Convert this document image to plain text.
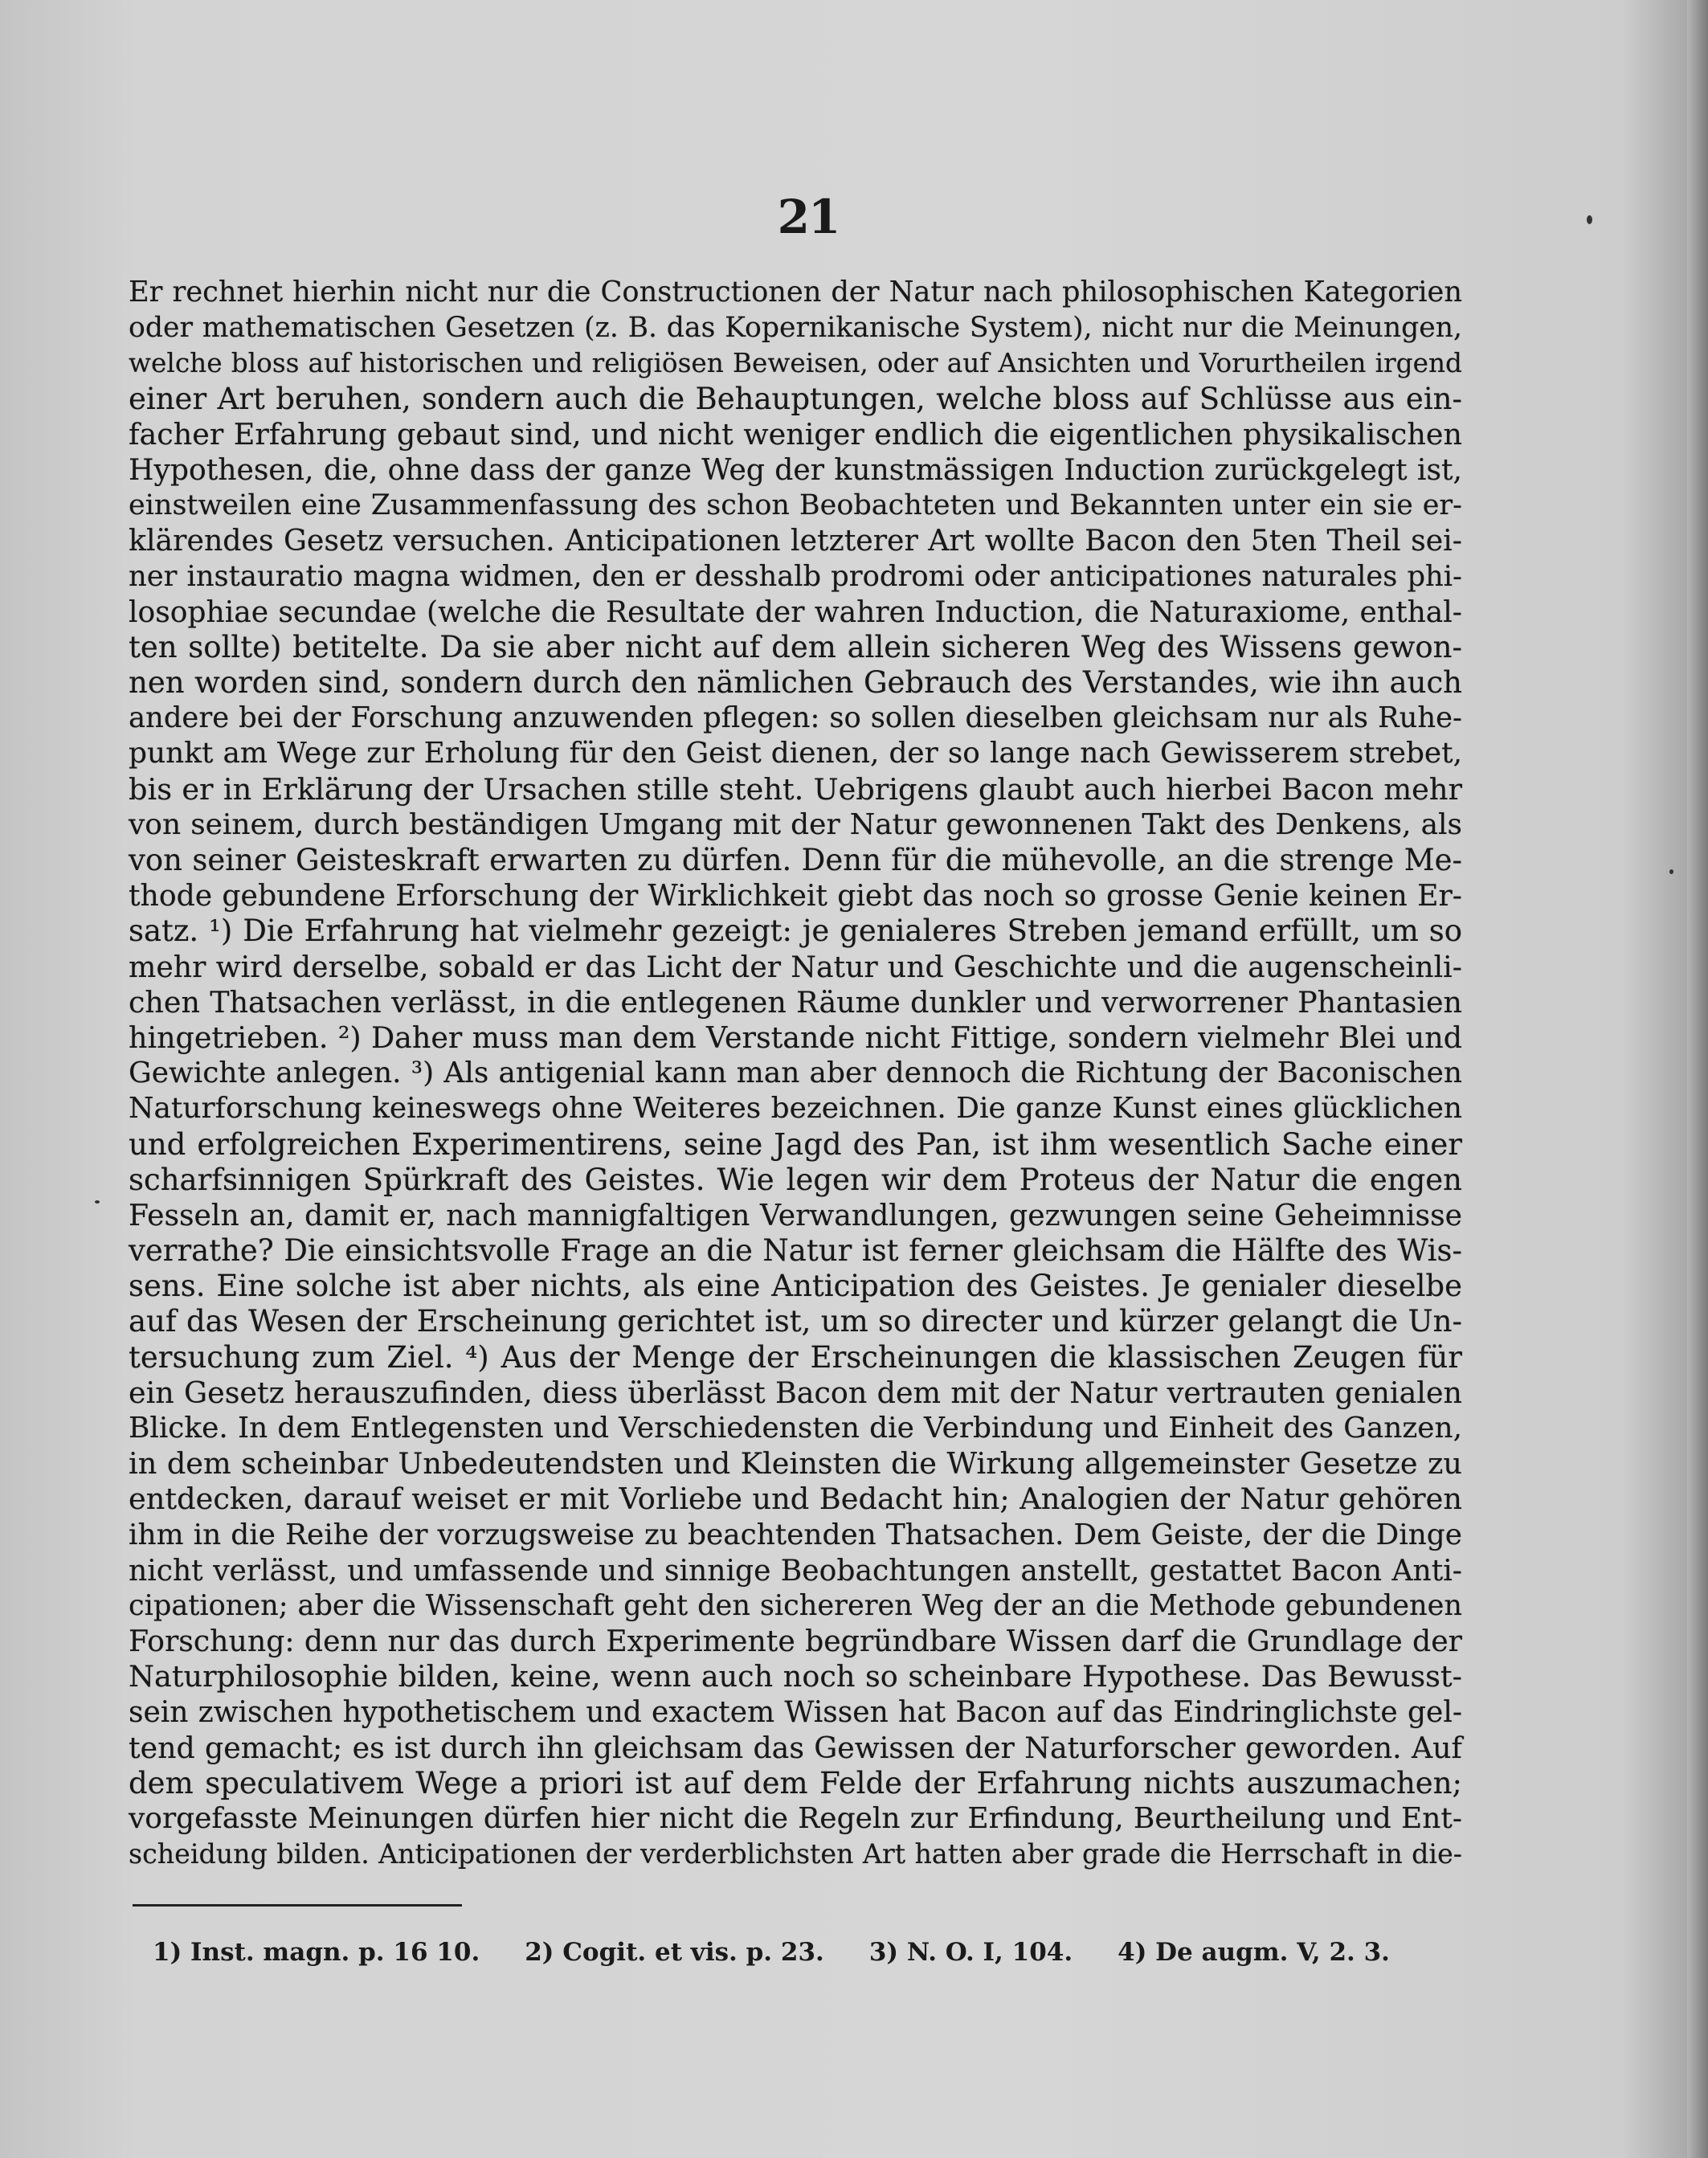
21
Er rechnet hierhin nicht nur die Constructionen der Natur nach philosophischen Kategorien
oder mathematischen Gesetzen (z. B. das Kopernikanische System), nicht nur die Meinungen,
welche bloss auf historischen und religiösen Beweisen, oder auf Ansichten und Vorurtheilen irgend
einer Art beruhen, sondern auch die Behauptungen, welche bloss auf Schlüsse aus ein-
facher Erfahrung gebaut sind, und nicht weniger endlich die eigentlichen physikalischen
Hypothesen, die, ohne dass der ganze Weg der kunstmässigen Induction zurückgelegt ist,
einstweilen eine Zusammenfassung des schon Beobachteten und Bekannten unter ein sie er-
klärendes Gesetz versuchen. Anticipationen letzterer Art wollte Bacon den 5ten Theil sei-
ner instauratio magna widmen, den er desshalb prodromi oder anticipationes naturales phi-
losophiae secundae (welche die Resultate der wahren Induction, die Naturaxiome, enthal-
ten sollte) betitelte. Da sie aber nicht auf dem allein sicheren Weg des Wissens gewon-
nen worden sind, sondern durch den nämlichen Gebrauch des Verstandes, wie ihn auch
andere bei der Forschung anzuwenden pflegen: so sollen dieselben gleichsam nur als Ruhe-
punkt am Wege zur Erholung für den Geist dienen, der so lange nach Gewisserem strebet,
bis er in Erklärung der Ursachen stille steht. Uebrigens glaubt auch hierbei Bacon mehr
von seinem, durch beständigen Umgang mit der Natur gewonnenen Takt des Denkens, als
von seiner Geisteskraft erwarten zu dürfen. Denn für die mühevolle, an die strenge Me-
thode gebundene Erforschung der Wirklichkeit giebt das noch so grosse Genie keinen Er-
satz. ¹) Die Erfahrung hat vielmehr gezeigt: je genialeres Streben jemand erfüllt, um so
mehr wird derselbe, sobald er das Licht der Natur und Geschichte und die augenscheinli-
chen Thatsachen verlässt, in die entlegenen Räume dunkler und verworrener Phantasien
hingetrieben. ²) Daher muss man dem Verstande nicht Fittige, sondern vielmehr Blei und
Gewichte anlegen. ³) Als antigenial kann man aber dennoch die Richtung der Baconischen
Naturforschung keineswegs ohne Weiteres bezeichnen. Die ganze Kunst eines glücklichen
und erfolgreichen Experimentirens, seine Jagd des Pan, ist ihm wesentlich Sache einer
scharfsinnigen Spürkraft des Geistes. Wie legen wir dem Proteus der Natur die engen
Fesseln an, damit er, nach mannigfaltigen Verwandlungen, gezwungen seine Geheimnisse
verrathe? Die einsichtsvolle Frage an die Natur ist ferner gleichsam die Hälfte des Wis-
sens. Eine solche ist aber nichts, als eine Anticipation des Geistes. Je genialer dieselbe
auf das Wesen der Erscheinung gerichtet ist, um so directer und kürzer gelangt die Un-
tersuchung zum Ziel. ⁴) Aus der Menge der Erscheinungen die klassischen Zeugen für
ein Gesetz herauszufinden, diess überlässt Bacon dem mit der Natur vertrauten genialen
Blicke. In dem Entlegensten und Verschiedensten die Verbindung und Einheit des Ganzen,
in dem scheinbar Unbedeutendsten und Kleinsten die Wirkung allgemeinster Gesetze zu
entdecken, darauf weiset er mit Vorliebe und Bedacht hin; Analogien der Natur gehören
ihm in die Reihe der vorzugsweise zu beachtenden Thatsachen. Dem Geiste, der die Dinge
nicht verlässt, und umfassende und sinnige Beobachtungen anstellt, gestattet Bacon Anti-
cipationen; aber die Wissenschaft geht den sichereren Weg der an die Methode gebundenen
Forschung: denn nur das durch Experimente begründbare Wissen darf die Grundlage der
Naturphilosophie bilden, keine, wenn auch noch so scheinbare Hypothese. Das Bewusst-
sein zwischen hypothetischem und exactem Wissen hat Bacon auf das Eindringlichste gel-
tend gemacht; es ist durch ihn gleichsam das Gewissen der Naturforscher geworden. Auf
dem speculativem Wege a priori ist auf dem Felde der Erfahrung nichts auszumachen;
vorgefasste Meinungen dürfen hier nicht die Regeln zur Erfindung, Beurtheilung und Ent-
scheidung bilden. Anticipationen der verderblichsten Art hatten aber grade die Herrschaft in die-
1) Inst. magn. p. 16 10. 2) Cogit. et vis. p. 23. 3) N. O. I, 104. 4) De augm. V, 2. 3.
